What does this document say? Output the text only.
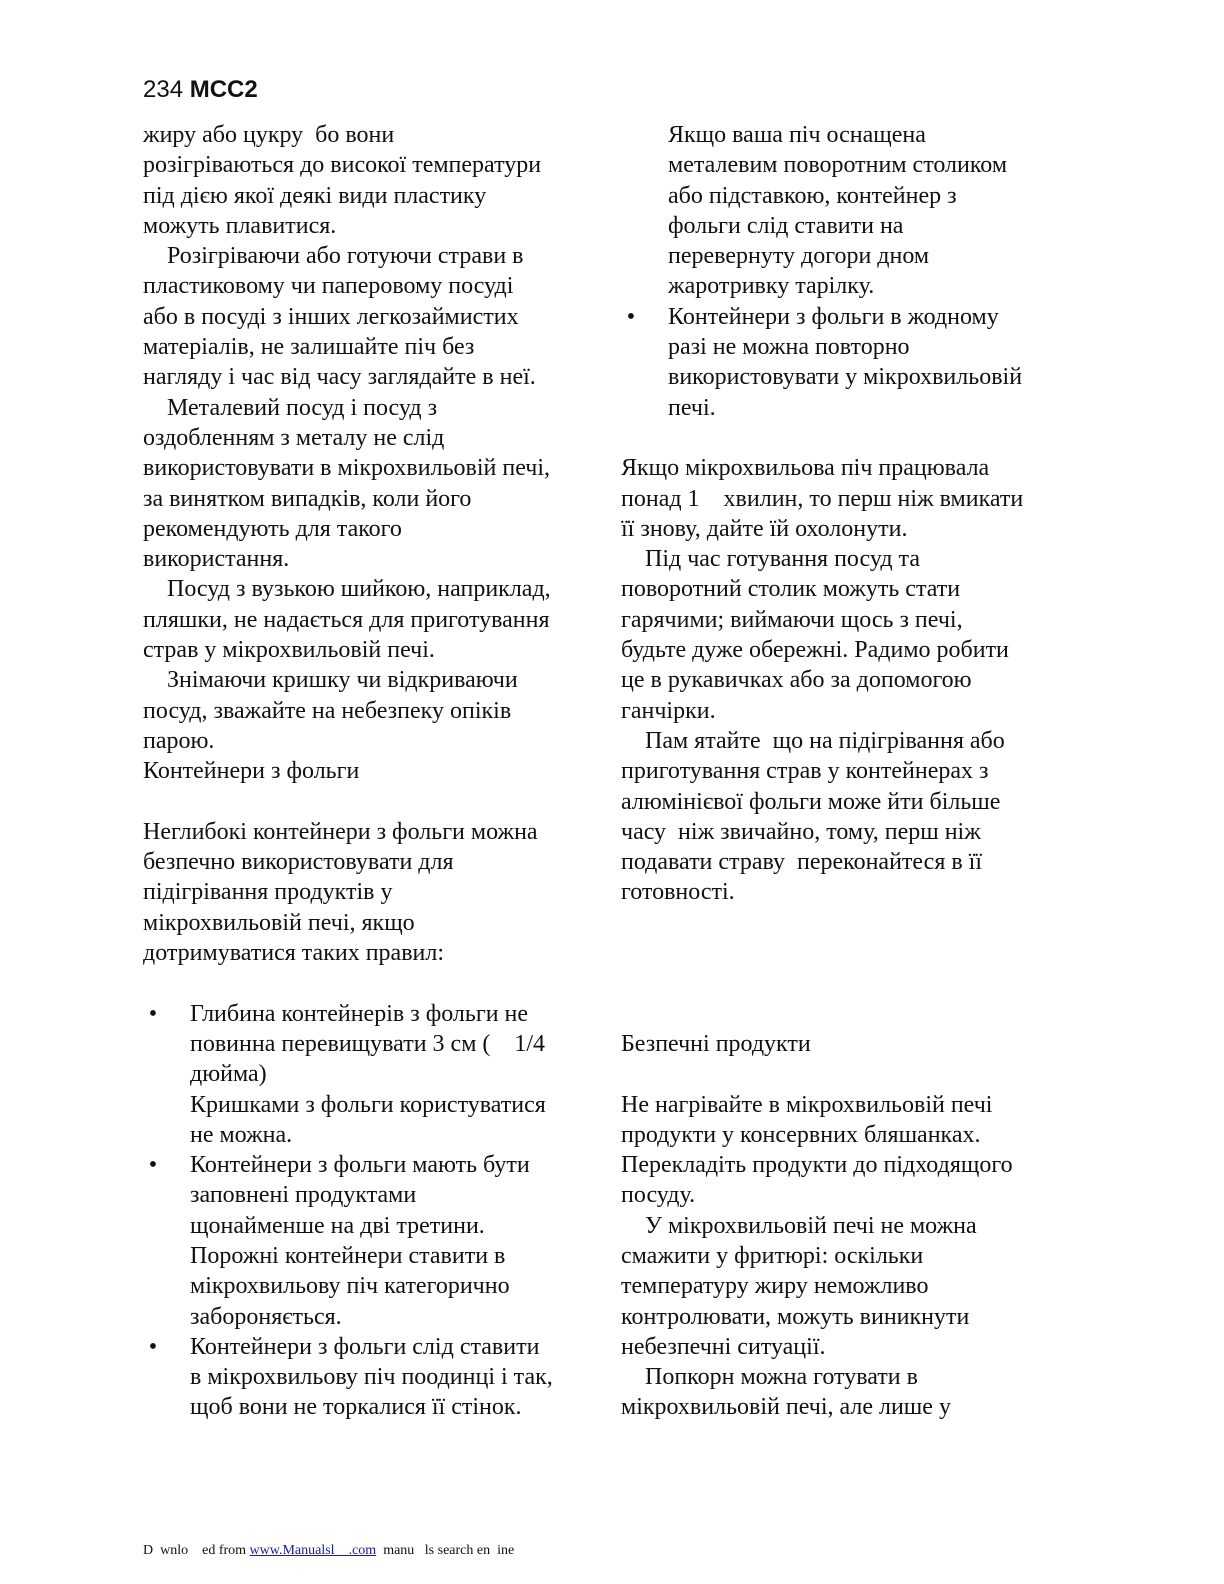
234 MCC2

жиру або цукру  бо вони
розігріваються до високої температури
під дією якої деякі види пластику
можуть плавитися.

Розігріваючи або готуючи страви в
пластиковому чи паперовому посуді
або в посуді з інших легкозаймистих
матеріалів, не залишайте піч без
нагляду і час від часу заглядайте в неї.

Металевий посуд і посуд з
оздобленням з металу не слід
використовувати в мікрохвильовій печі,
за винятком випадків, коли його
рекомендують для такого
використання.

Посуд з вузькою шийкою, наприклад,
пляшки, не надається для приготування
страв у мікрохвильовій печі.

Знімаючи кришку чи відкриваючи
посуд, зважайте на небезпеку опіків
парою.

Контейнери з фольги

Неглибокі контейнери з фольги можна
безпечно використовувати для
підігрівання продуктів у
мікрохвильовій печі, якщо
дотримуватися таких правил:

• Глибина контейнерів з фольги не
повинна перевищувати 3 см (    1/4
дюйма)

Кришками з фольги користуватися
не можна.

• Контейнери з фольги мають бути
заповнені продуктами
щонайменше на дві третини.
Порожні контейнери ставити в
мікрохвильову піч категорично
забороняється.

• Контейнери з фольги слід ставити
в мікрохвильову піч поодинці і так,
щоб вони не торкалися її стінок.

Якщо ваша піч оснащена
металевим поворотним столиком
або підставкою, контейнер з
фольги слід ставити на
перевернуту догори дном
жаротривку тарілку.

• Контейнери з фольги в жодному
разі не можна повторно
використовувати у мікрохвильовій
печі.

Якщо мікрохвильова піч працювала
понад 1    хвилин, то перш ніж вмикати
її знову, дайте їй охолонути.

Під час готування посуд та
поворотний столик можуть стати
гарячими; виймаючи щось з печі,
будьте дуже обережні. Радимо робити
це в рукавичках або за допомогою
ганчірки.

Пам ятайте  що на підігрівання або
приготування страв у контейнерах з
алюмінієвої фольги може йти більше
часу  ніж звичайно, тому, перш ніж
подавати страву  переконайтеся в її
готовності.

Безпечні продукти

Не нагрівайте в мікрохвильовій печі
продукти у консервних бляшанках.
Перекладіть продукти до підходящого
посуду.

У мікрохвильовій печі не можна
смажити у фритюрі: оскільки
температуру жиру неможливо
контролювати, можуть виникнути
небезпечні ситуації.

Попкорн можна готувати в
мікрохвильовій печі, але лише у

D  wnlo    ed from www.Manualsl    .com  manu   ls search en  ine
